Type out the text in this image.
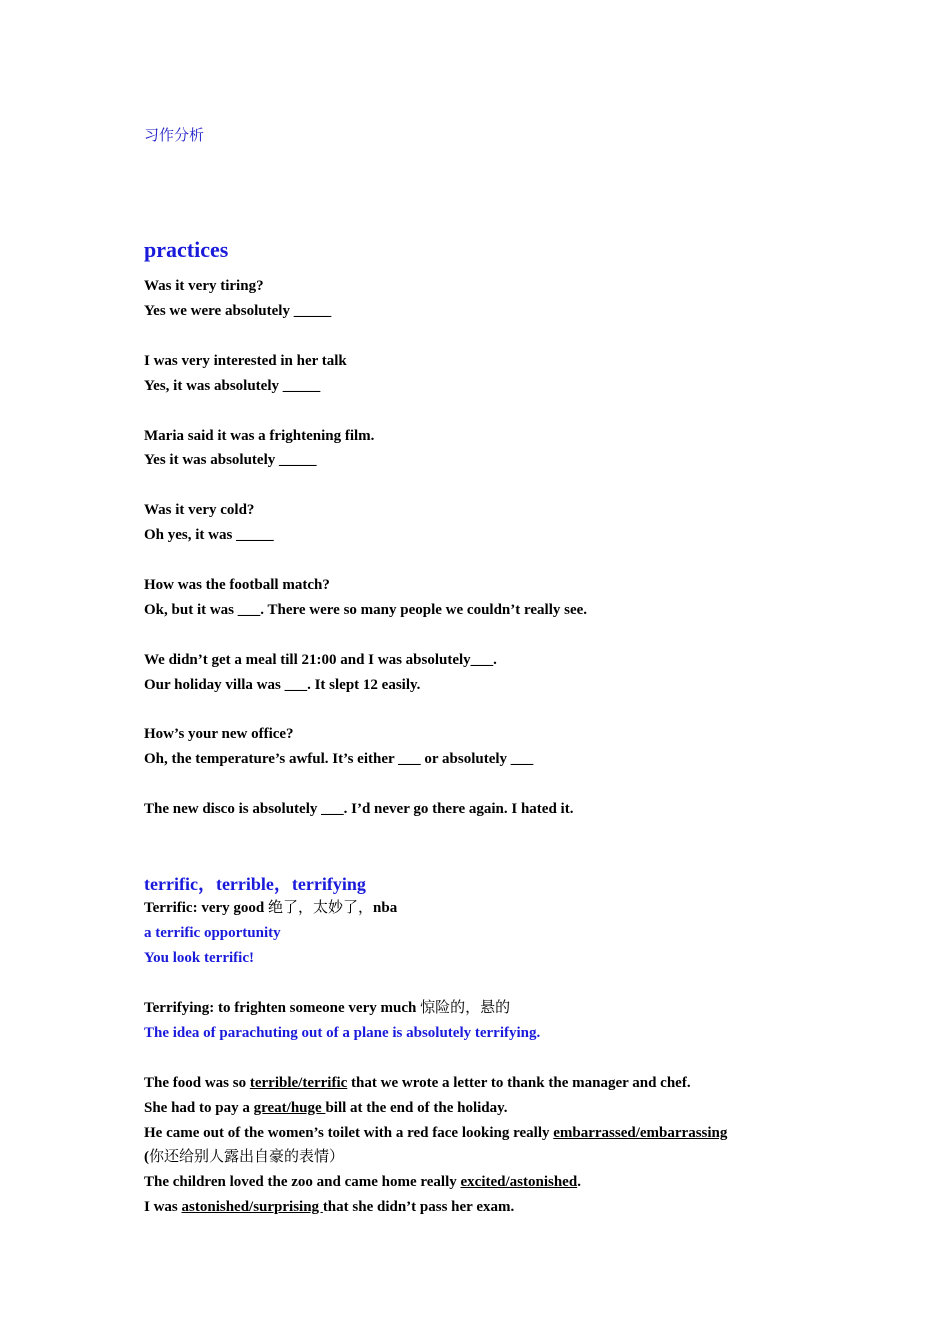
习作分析
practices
Was it very tiring?
Yes we were absolutely _____
I was very interested in her talk
Yes, it was absolutely _____
Maria said it was a frightening film.
Yes it was absolutely _____
Was it very cold?
Oh yes, it was _____
How was the football match?
Ok, but it was ___. There were so many people we couldn’t really see.
We didn’t get a meal till 21:00 and I was absolutely___.
Our holiday villa was ___. It slept 12 easily.
How’s your new office?
Oh, the temperature’s awful. It’s either ___ or absolutely ___
The new disco is absolutely ___. I’d never go there again. I hated it.
terrific，terrible，terrifying
Terrific: very good 绝了，太妙了，nba
a terrific opportunity
You look terrific!
Terrifying: to frighten someone very much 惊险的，悬的
The idea of parachuting out of a plane is absolutely terrifying.
The food was so terrible/terrific that we wrote a letter to thank the manager and chef.
She had to pay a great/huge bill at the end of the holiday.
He came out of the women’s toilet with a red face looking really embarrassed/embarrassing
(你还给别人露出自豪的表情）
The children loved the zoo and came home really excited/astonished.
I was astonished/surprising that she didn’t pass her exam.
